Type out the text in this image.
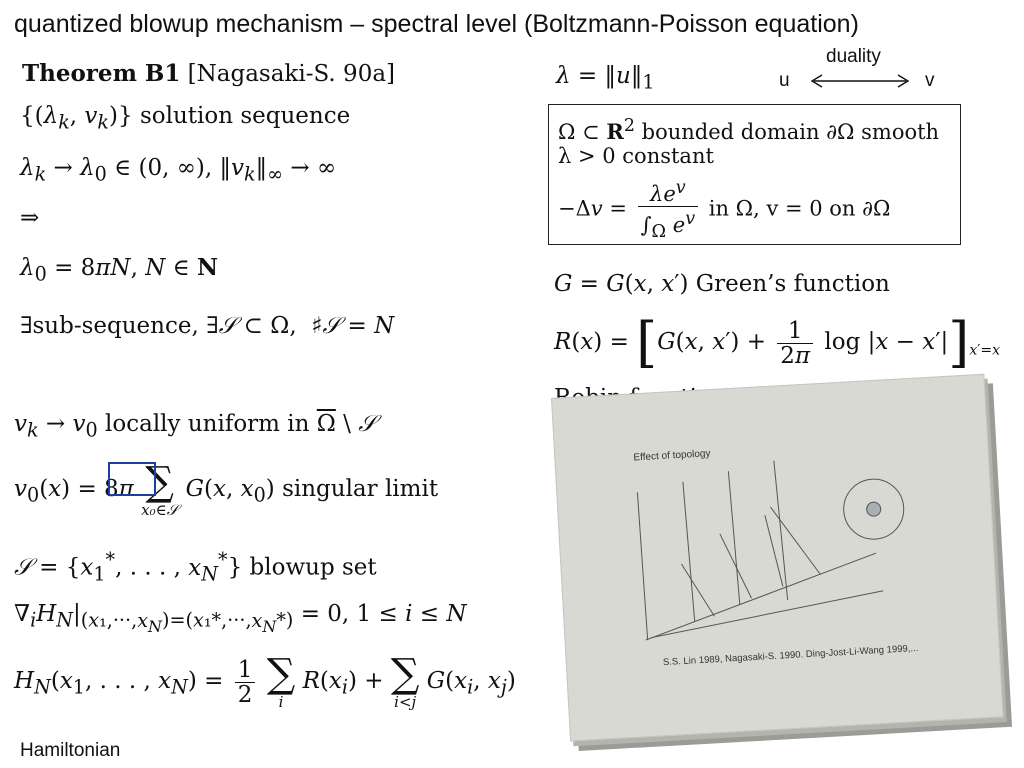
quantized blowup mechanism – spectral level (Boltzmann-Poisson equation)
duality
u	v
Theorem B1 [Nagasaki-S. 90a]
{($\lambda_k$, $v_k$)} solution sequence
$\lambda_k \to \lambda_0$ ∈ (0, ∞), $‖v_k‖_\infty$ → ∞
⇒
$\lambda_0 = 8\pi N$, N ∈ N
∃sub-sequence, ∃𝒮 ⊂ Ω,  ♯𝒮 = N
$v_k \to v_0$ locally uniform in $\overline{\Omega}$ \ 𝒮
$v_0(x) = 8\pi$ ∑
x₀∈𝒮
G(x, $x_0$) singular limit
𝒮 = {$x_1^*$, . . . , $x_N^*$} blowup set
$\nabla_iH_N|_{(x_1,\cdot\cdot\cdot,x_N)=(x_1*,\cdot\cdot\cdot,x_N*)} = 0$, 1 ≤ i ≤ N
$H_N(x_1$, . . . , $x_N) = \frac{1}{2}$
∑
i
$R(x_i)$ + ∑
i<j
$G(x_i$, $x_j$)
Hamiltonian
$\lambda = ‖u‖_1$
Ω ⊂ $R^2$ bounded domain ∂Ω smooth
λ > 0 constant
$-\Delta v = \frac{\lambda e^v}{\int_\Omega e^v}$ in Ω, v = 0 on ∂Ω
G = G(x, x′) Green’s function
R(x) = [G(x, $x') + \frac{1}{2\pi}$ $\log |x - x'|]_{x'=x}$
Effect of topology
S.S. Lin 1989, Nagasaki-S. 1990. Ding-Jost-Li-Wang 1999,...
